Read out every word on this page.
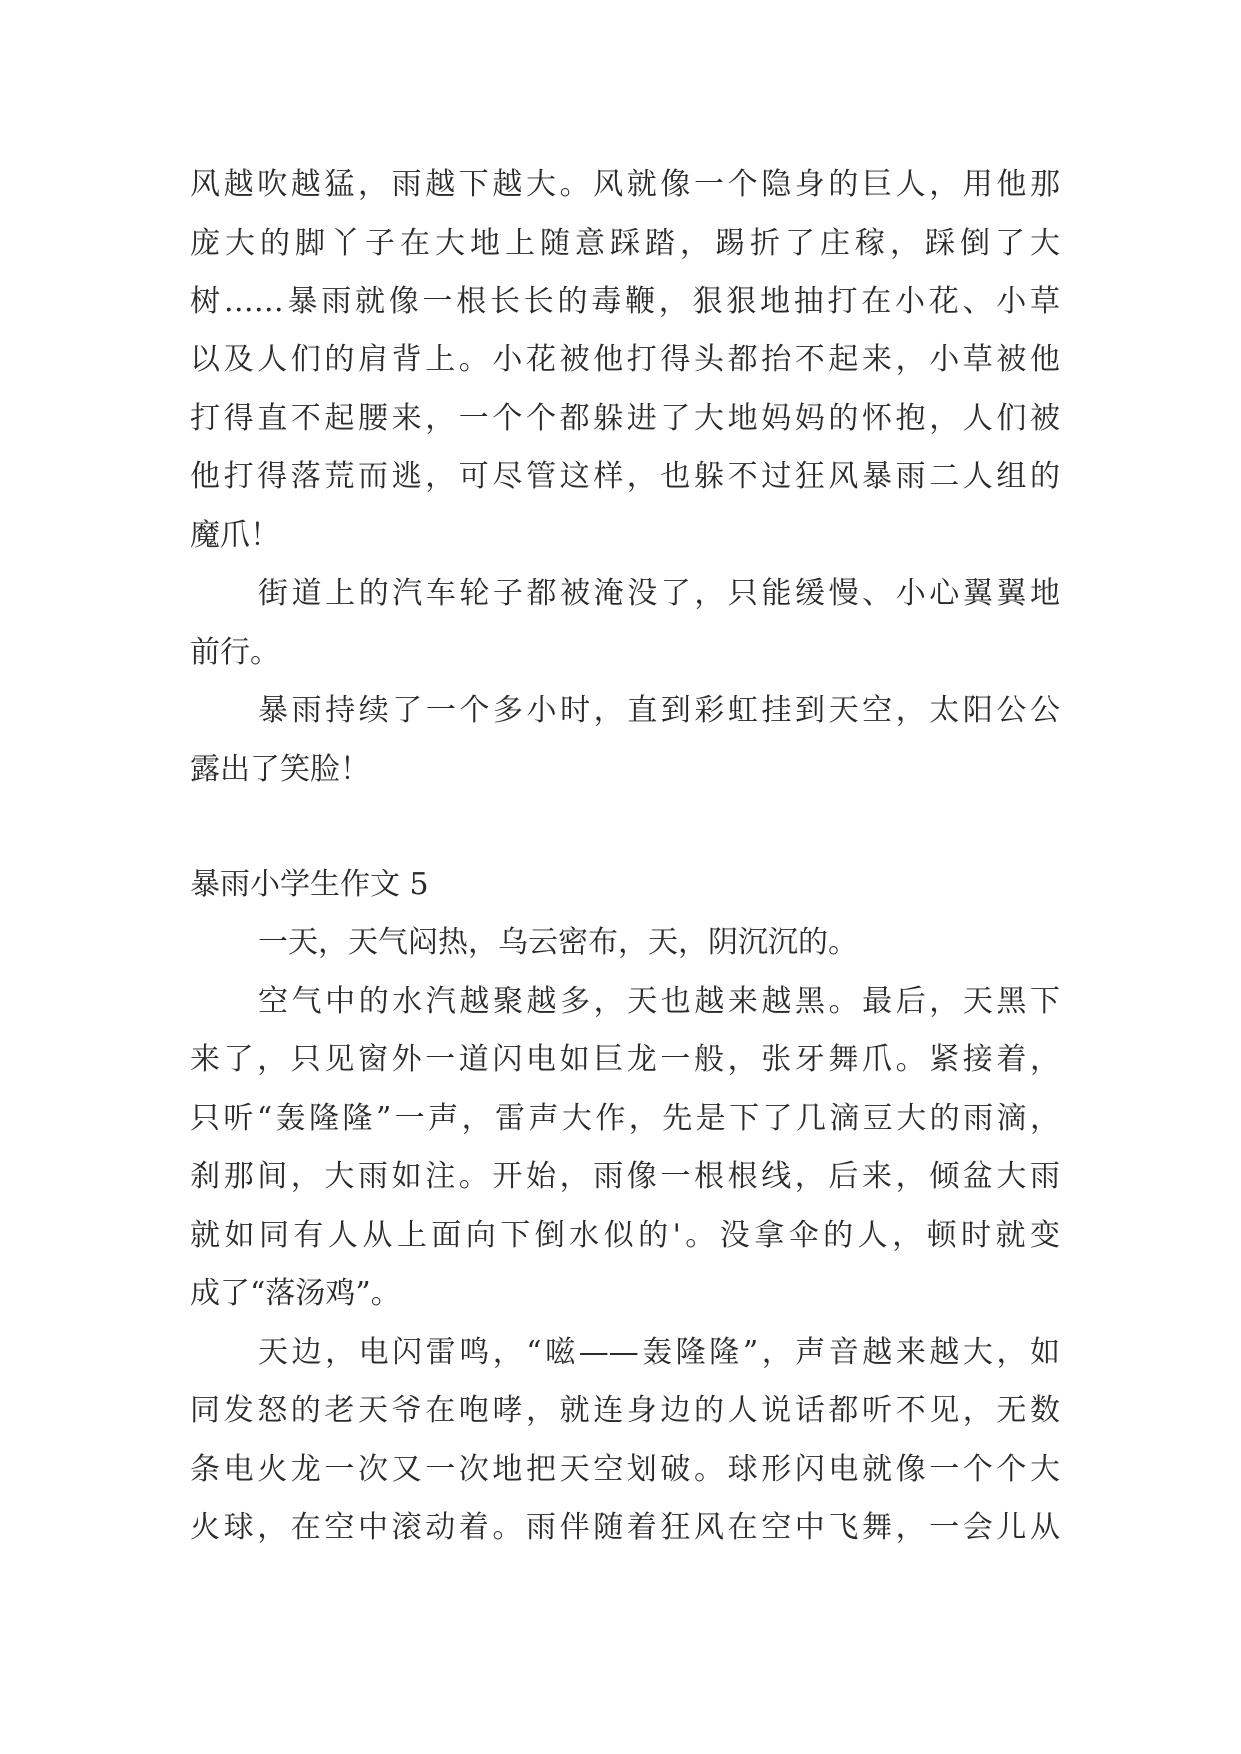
风越吹越猛，雨越下越大。风就像一个隐身的巨人，用他那
庞大的脚丫子在大地上随意踩踏，踢折了庄稼，踩倒了大
树……暴雨就像一根长长的毒鞭，狠狠地抽打在小花、小草
以及人们的肩背上。小花被他打得头都抬不起来，小草被他
打得直不起腰来，一个个都躲进了大地妈妈的怀抱，人们被
他打得落荒而逃，可尽管这样，也躲不过狂风暴雨二人组的
魔爪！
街道上的汽车轮子都被淹没了，只能缓慢、小心翼翼地
前行。
暴雨持续了一个多小时，直到彩虹挂到天空，太阳公公
露出了笑脸！
暴雨小学生作文 5
一天，天气闷热，乌云密布，天，阴沉沉的。
空气中的水汽越聚越多，天也越来越黑。最后，天黑下
来了，只见窗外一道闪电如巨龙一般，张牙舞爪。紧接着，
只听“轰隆隆”一声，雷声大作，先是下了几滴豆大的雨滴，
刹那间，大雨如注。开始，雨像一根根线，后来，倾盆大雨
就如同有人从上面向下倒水似的'。没拿伞的人，顿时就变
成了“落汤鸡”。
天边，电闪雷鸣，“嗞——轰隆隆”，声音越来越大，如
同发怒的老天爷在咆哮，就连身边的人说话都听不见，无数
条电火龙一次又一次地把天空划破。球形闪电就像一个个大
火球，在空中滚动着。雨伴随着狂风在空中飞舞，一会儿从
